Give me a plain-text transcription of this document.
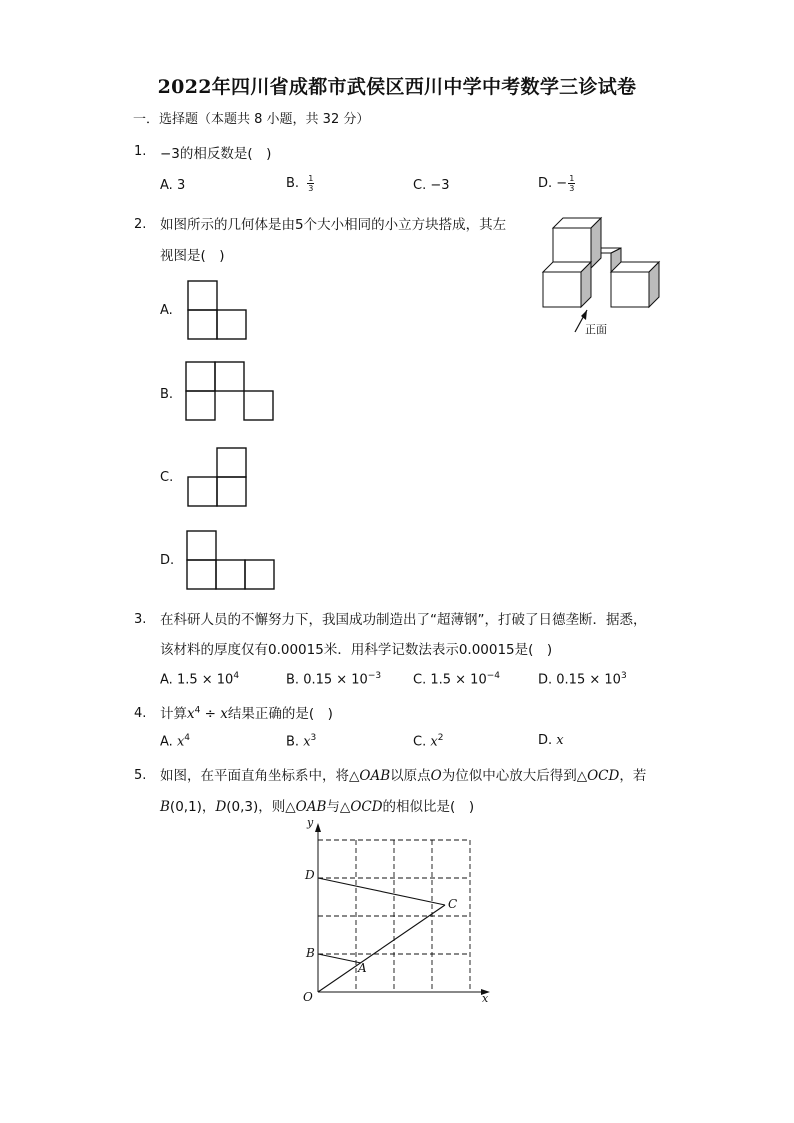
2022年四川省成都市武侯区西川中学中考数学三诊试卷
一．选择题（本题共 8 小题，共 32 分）
1. −3的相反数是(　)
A. 3	B. $\frac{1}{3}$	C. −3	D. − $\frac{1}{3}$
2. 如图所示的几何体是由5个大小相同的小立方块搭成，其左
视图是(　)
正面
A.
B.
C.
D.
3. 在科研人员的不懈努力下，我国成功制造出了“超薄钢”，打破了日德垄断．据悉，
该材料的厚度仅有0.00015米．用科学记数法表示0.00015是(　)
A. $1.5 \times 10^4$	B. $0.15 \times 10^{-3}$ C. $1.5 \times 10^{-4}$	D. $0.15 \times 10^3$
4. 计算$x^4 \div x$结果正确的是(　)
A. $x^4$	B. $x^3$	C. $x^2$	D. x
5. 如图，在平面直角坐标系中，将△OAB以原点O为位似中心放大后得到△OCD，若
B(0,1)，D(0,3)，则△OAB与△OCD的相似比是(　)
y
x
O
A
B
C
D
